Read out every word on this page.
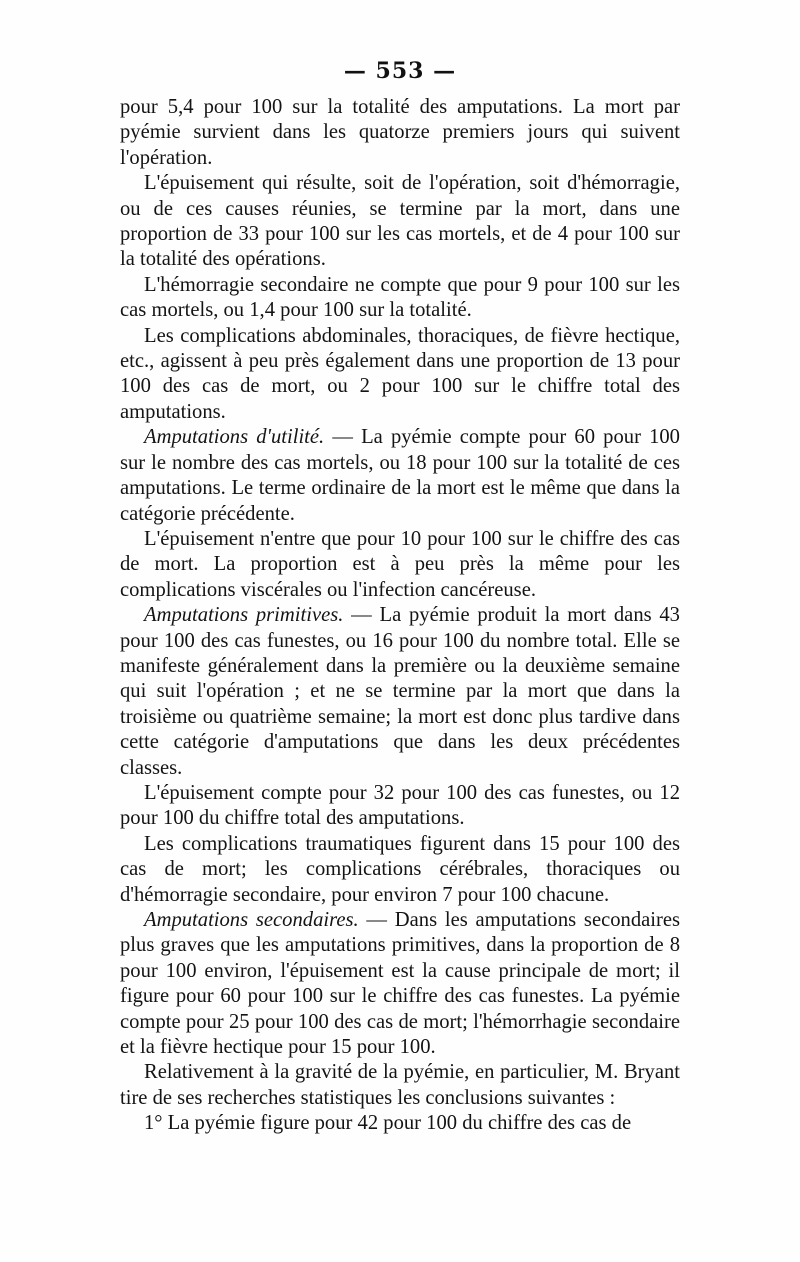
— 553 —

pour 5,4 pour 100 sur la totalité des amputations. La mort par pyémie survient dans les quatorze premiers jours qui suivent l'opération.

L'épuisement qui résulte, soit de l'opération, soit d'hémorragie, ou de ces causes réunies, se termine par la mort, dans une proportion de 33 pour 100 sur les cas mortels, et de 4 pour 100 sur la totalité des opérations.

L'hémorragie secondaire ne compte que pour 9 pour 100 sur les cas mortels, ou 1,4 pour 100 sur la totalité.

Les complications abdominales, thoraciques, de fièvre hectique, etc., agissent à peu près également dans une proportion de 13 pour 100 des cas de mort, ou 2 pour 100 sur le chiffre total des amputations.

Amputations d'utilité. — La pyémie compte pour 60 pour 100 sur le nombre des cas mortels, ou 18 pour 100 sur la totalité de ces amputations. Le terme ordinaire de la mort est le même que dans la catégorie précédente.

L'épuisement n'entre que pour 10 pour 100 sur le chiffre des cas de mort. La proportion est à peu près la même pour les complications viscérales ou l'infection cancéreuse.

Amputations primitives. — La pyémie produit la mort dans 43 pour 100 des cas funestes, ou 16 pour 100 du nombre total. Elle se manifeste généralement dans la première ou la deuxième semaine qui suit l'opération ; et ne se termine par la mort que dans la troisième ou quatrième semaine; la mort est donc plus tardive dans cette catégorie d'amputations que dans les deux précédentes classes.

L'épuisement compte pour 32 pour 100 des cas funestes, ou 12 pour 100 du chiffre total des amputations.

Les complications traumatiques figurent dans 15 pour 100 des cas de mort; les complications cérébrales, thoraciques ou d'hémorragie secondaire, pour environ 7 pour 100 chacune.

Amputations secondaires. — Dans les amputations secondaires plus graves que les amputations primitives, dans la proportion de 8 pour 100 environ, l'épuisement est la cause principale de mort; il figure pour 60 pour 100 sur le chiffre des cas funestes. La pyémie compte pour 25 pour 100 des cas de mort; l'hémorrhagie secondaire et la fièvre hectique pour 15 pour 100.

Relativement à la gravité de la pyémie, en particulier, M. Bryant tire de ses recherches statistiques les conclusions suivantes :

1° La pyémie figure pour 42 pour 100 du chiffre des cas de
